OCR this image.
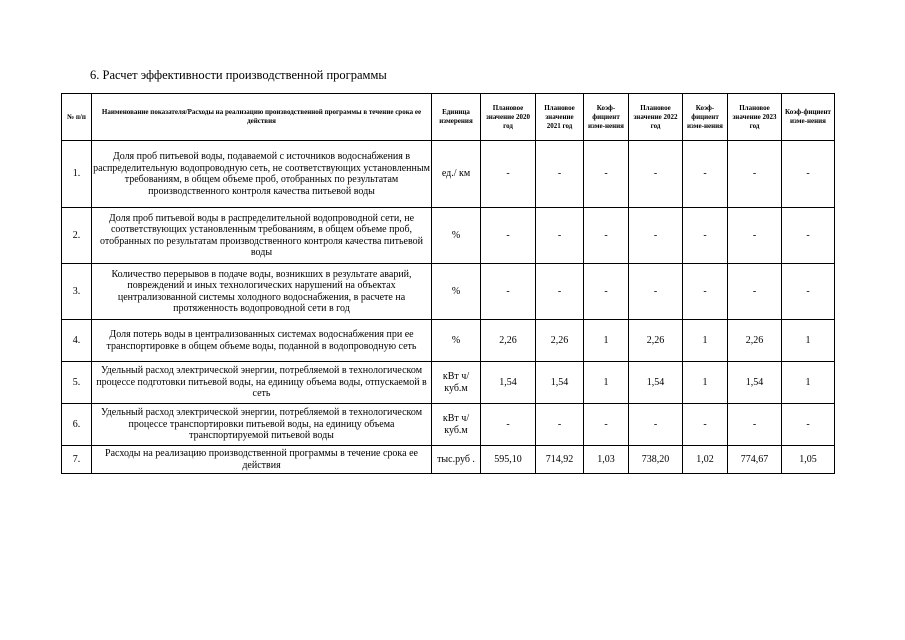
6. Расчет эффективности производственной программы
№ п/п	Наименование показателя/Расходы на реализацию производственной программы в течение срока ее действия	Единица измерения	Плановое значение 2020 год	Плановое значение 2021 год	Коэф-фициент изме-нения	Плановое значение 2022 год	Коэф-фициент изме-нения	Плановое значение 2023 год	Коэф-фициент изме-нения
1.	Доля проб питьевой воды, подаваемой с источников водоснабжения в распределительную водопроводную сеть, не соответствующих установленным требованиям, в общем объеме проб, отобранных по результатам производственного контроля качества питьевой воды	ед./ км	-	-	-	-	-	-	-
2.	Доля проб питьевой воды в распределительной водопроводной сети, не соответствующих установленным требованиям, в общем объеме проб, отобранных по результатам производственного контроля качества питьевой воды	%	-	-	-	-	-	-	-
3.	Количество перерывов в подаче воды, возникших в результате аварий, повреждений и иных технологических нарушений на объектах централизованной системы холодного водоснабжения, в расчете на протяженность водопроводной сети в год	%	-	-	-	-	-	-	-
4.	Доля потерь воды в централизованных системах водоснабжения при ее транспортировке в общем объеме воды, поданной в водопроводную сеть	%	2,26	2,26	1	2,26	1	2,26	1
5.	Удельный расход электрической энергии, потребляемой в технологическом процессе подготовки питьевой воды, на единицу объема воды, отпускаемой в сеть	кВт ч/куб.м	1,54	1,54	1	1,54	1	1,54	1
6.	Удельный расход электрической энергии, потребляемой в технологическом процессе транспортировки питьевой воды, на единицу объема транспортируемой питьевой воды	кВт ч/куб.м	-	-	-	-	-	-	-
7.	Расходы на реализацию производственной программы в течение срока ее действия	тыс.руб .	595,10	714,92	1,03	738,20	1,02	774,67	1,05
